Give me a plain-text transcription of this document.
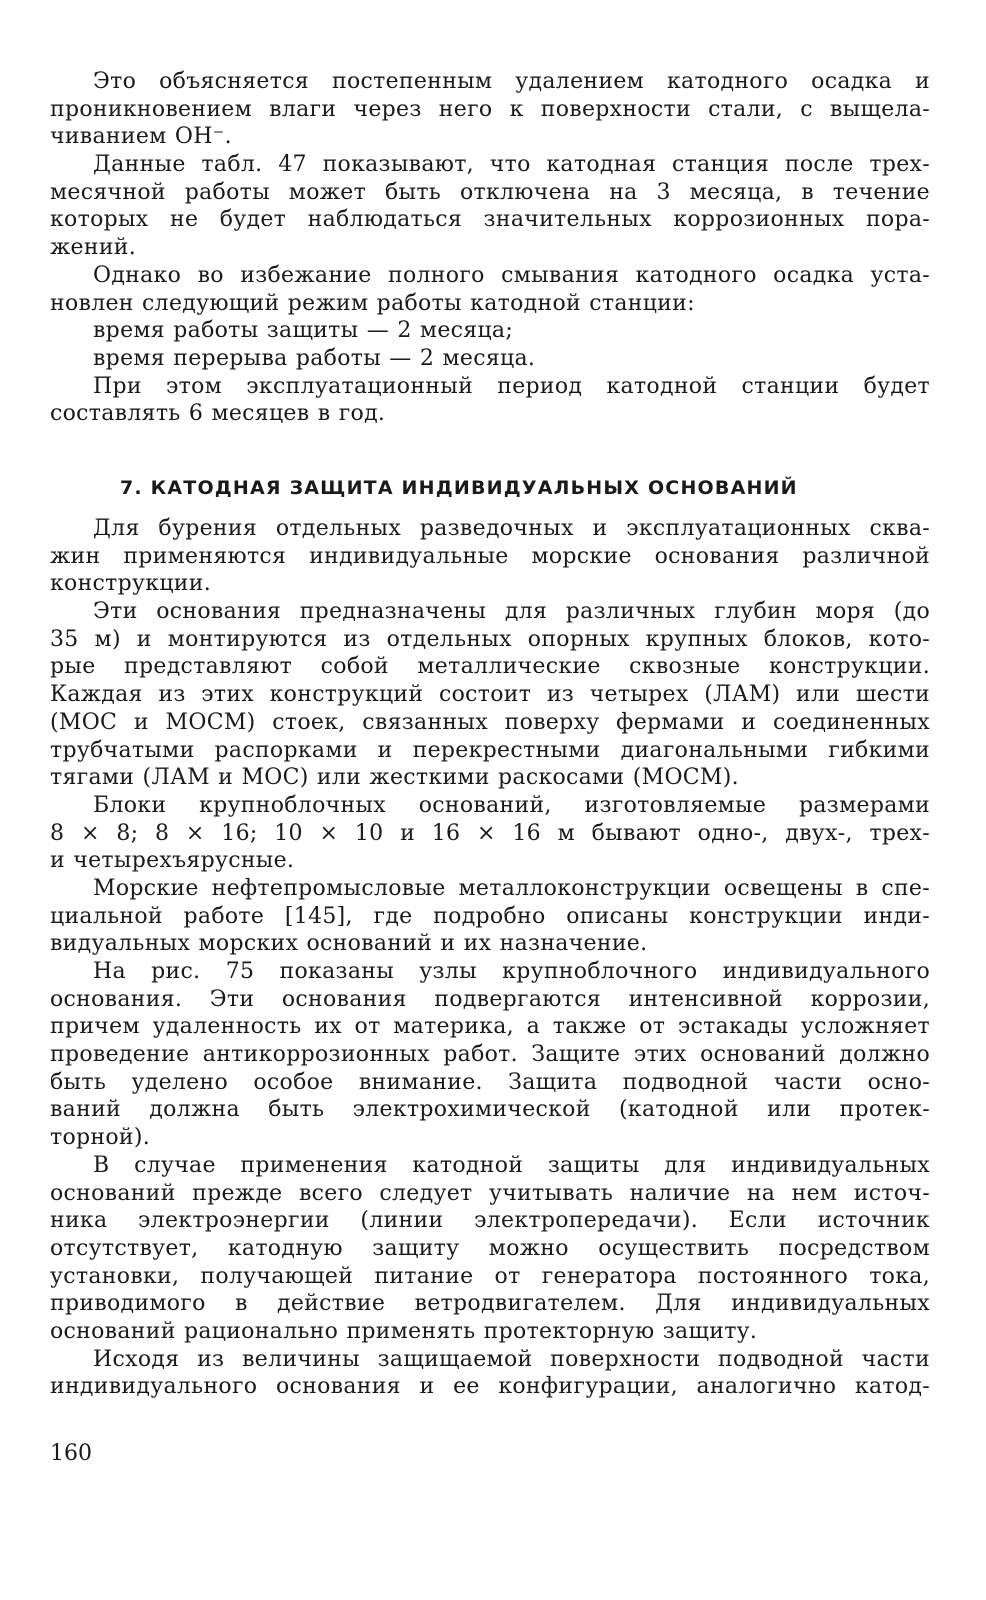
Это объясняется постепенным удалением катодного осадка и
проникновением влаги через него к поверхности стали, с выщела-
чиванием OH⁻.
Данные табл. 47 показывают, что катодная станция после трех-
месячной работы может быть отключена на 3 месяца, в течение
которых не будет наблюдаться значительных коррозионных пора-
жений.
Однако во избежание полного смывания катодного осадка уста-
новлен следующий режим работы катодной станции:
время работы защиты — 2 месяца;
время перерыва работы — 2 месяца.
При этом эксплуатационный период катодной станции будет
составлять 6 месяцев в год.
7. КАТОДНАЯ ЗАЩИТА ИНДИВИДУАЛЬНЫХ ОСНОВАНИЙ
Для бурения отдельных разведочных и эксплуатационных сква-
жин применяются индивидуальные морские основания различной
конструкции.
Эти основания предназначены для различных глубин моря (до
35 м) и монтируются из отдельных опорных крупных блоков, кото-
рые представляют собой металлические сквозные конструкции.
Каждая из этих конструкций состоит из четырех (ЛАМ) или шести
(МОС и МОСМ) стоек, связанных поверху фермами и соединенных
трубчатыми распорками и перекрестными диагональными гибкими
тягами (ЛАМ и МОС) или жесткими раскосами (МОСМ).
Блоки крупноблочных оснований, изготовляемые размерами
8 × 8; 8 × 16; 10 × 10 и 16 × 16 м бывают одно-, двух-, трех-
и четырехъярусные.
Морские нефтепромысловые металлоконструкции освещены в спе-
циальной работе [145], где подробно описаны конструкции инди-
видуальных морских оснований и их назначение.
На рис. 75 показаны узлы крупноблочного индивидуального
основания. Эти основания подвергаются интенсивной коррозии,
причем удаленность их от материка, а также от эстакады усложняет
проведение антикоррозионных работ. Защите этих оснований должно
быть уделено особое внимание. Защита подводной части осно-
ваний должна быть электрохимической (катодной или протек-
торной).
В случае применения катодной защиты для индивидуальных
оснований прежде всего следует учитывать наличие на нем источ-
ника электроэнергии (линии электропередачи). Если источник
отсутствует, катодную защиту можно осуществить посредством
установки, получающей питание от генератора постоянного тока,
приводимого в действие ветродвигателем. Для индивидуальных
оснований рационально применять протекторную защиту.
Исходя из величины защищаемой поверхности подводной части
индивидуального основания и ее конфигурации, аналогично катод-
160
